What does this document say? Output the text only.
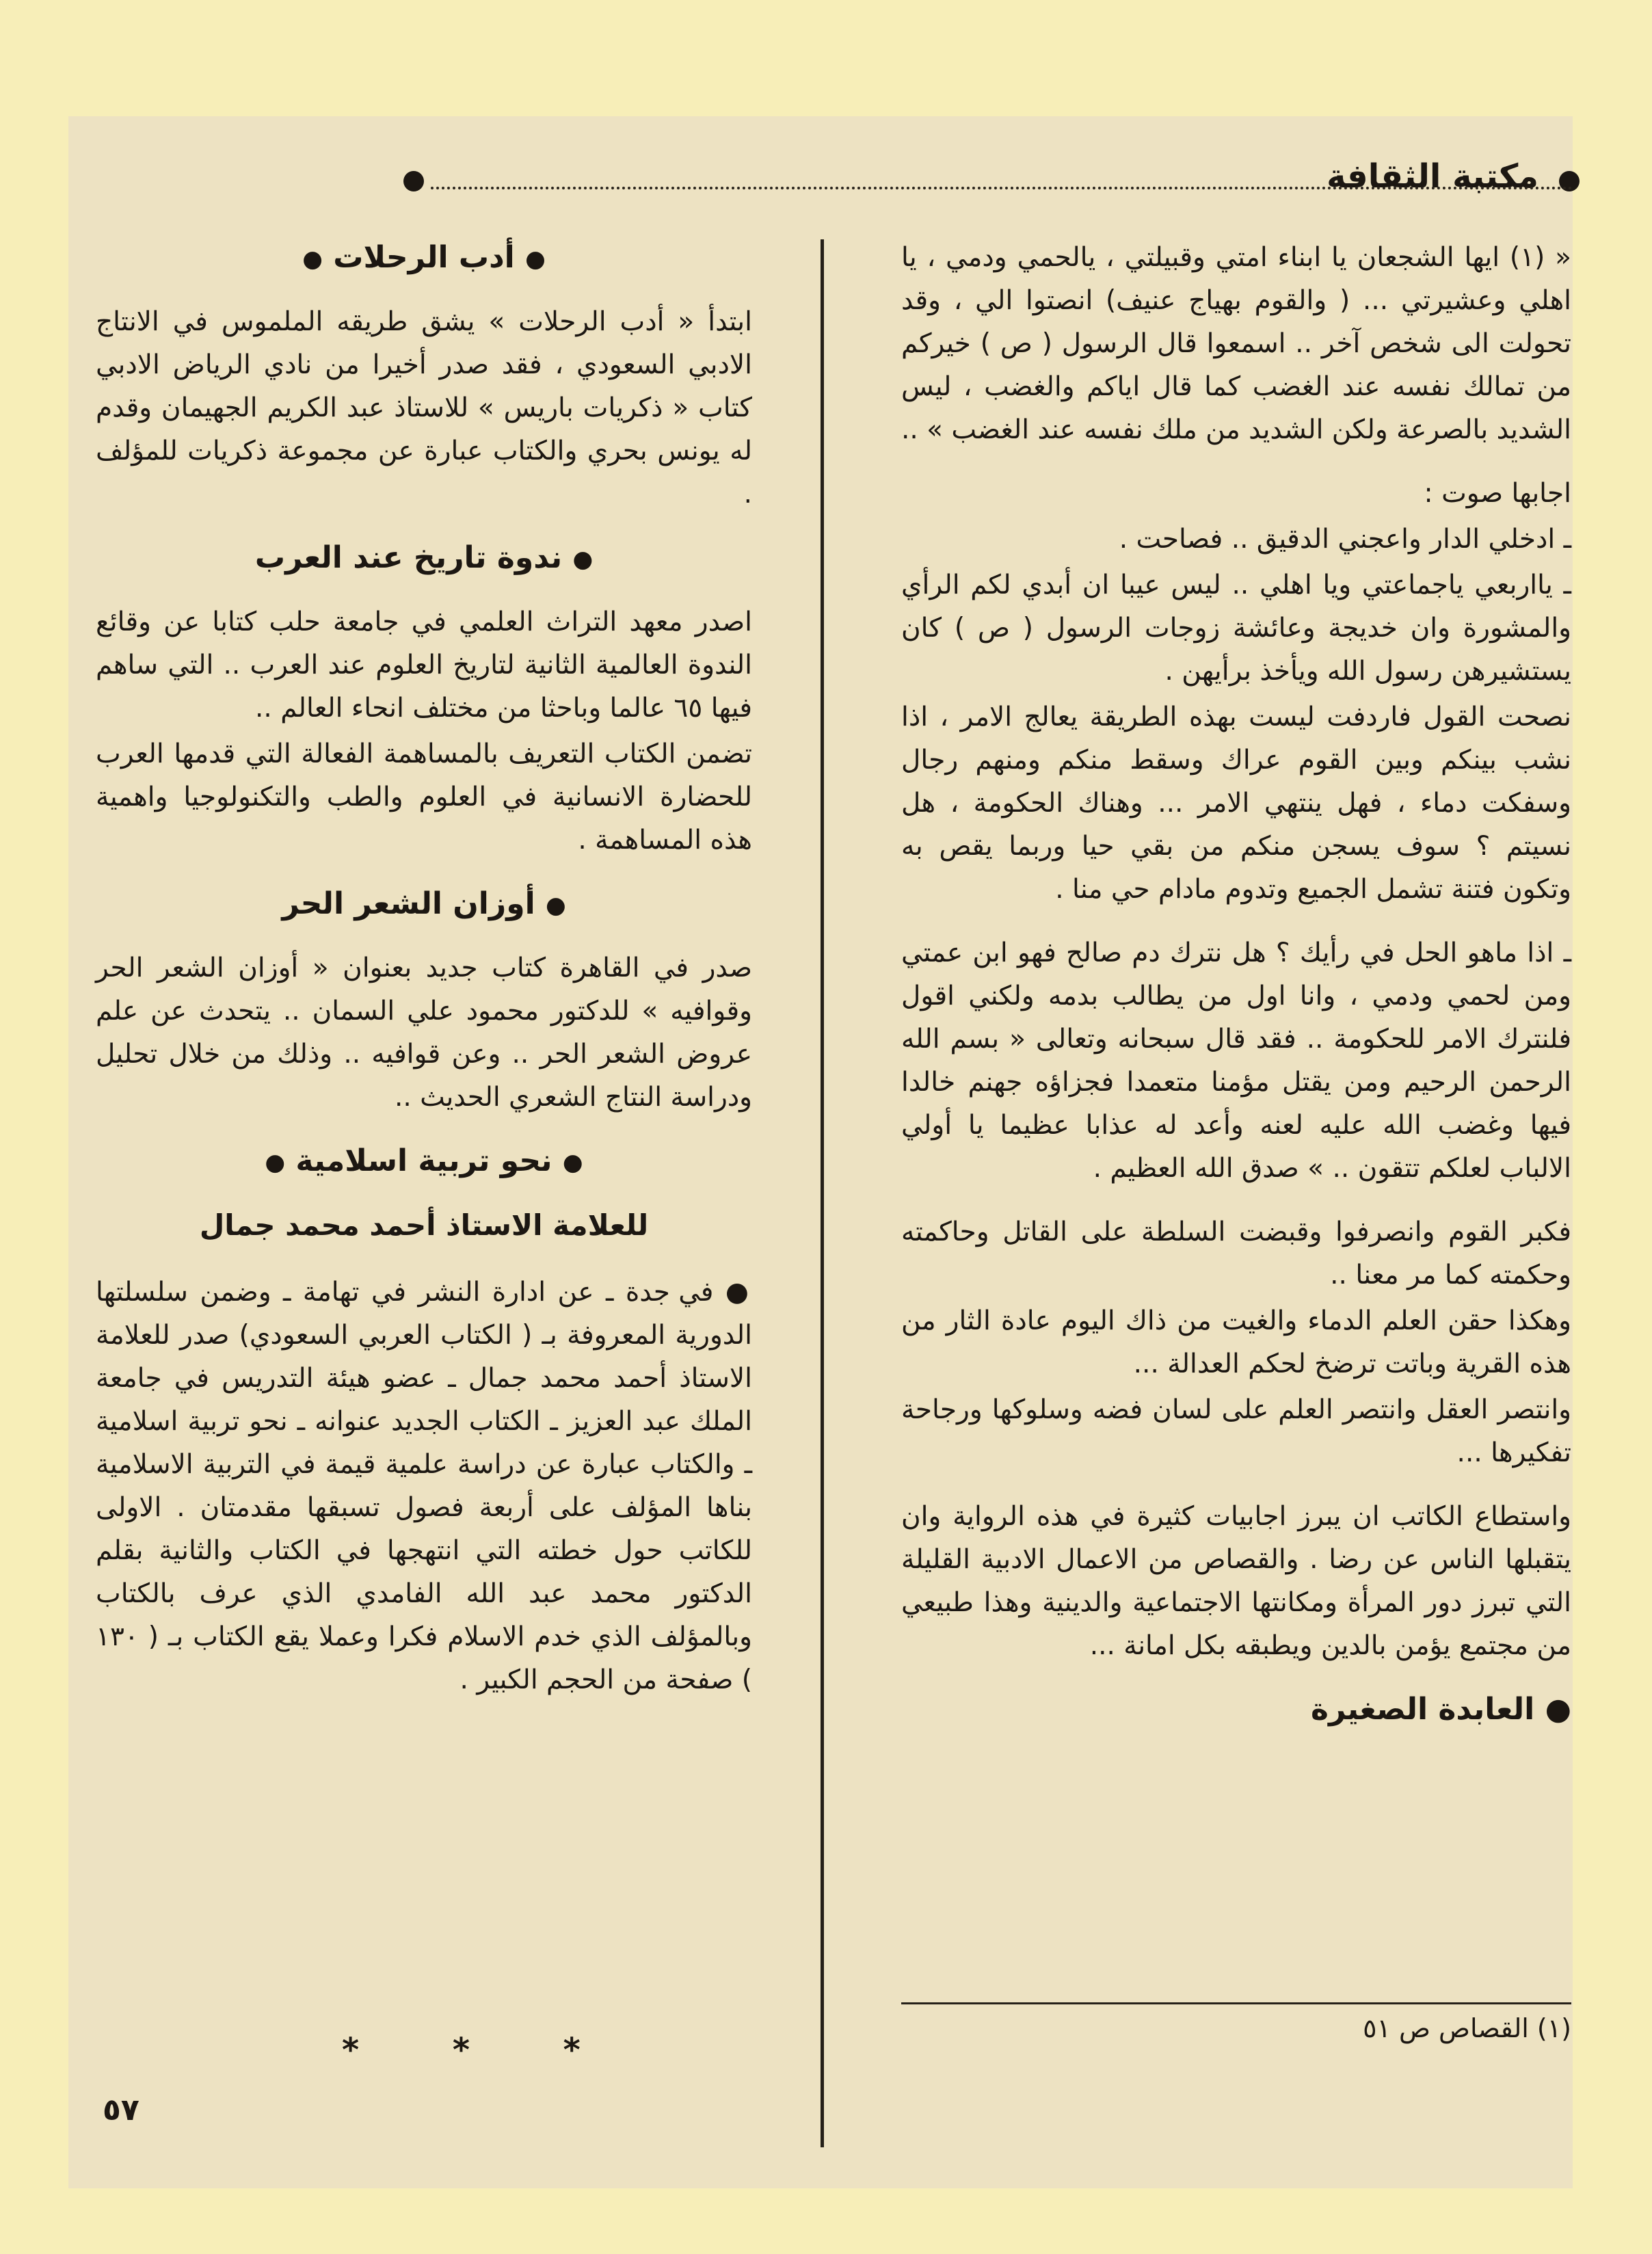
مكتبة الثقافة

« (١) ايها الشجعان يا ابناء امتي وقبيلتي ، يالحمي ودمي ، يا اهلي وعشيرتي ... ( والقوم بهياج عنيف) انصتوا الي ، وقد تحولت الى شخص آخر .. اسمعوا قال الرسول ( ص ) خيركم من تمالك نفسه عند الغضب كما قال اياكم والغضب ، ليس الشديد بالصرعة ولكن الشديد من ملك نفسه عند الغضب » ..

اجابها صوت :

ـ ادخلي الدار واعجني الدقيق .. فصاحت .

ـ يااربعي ياجماعتي ويا اهلي .. ليس عيبا ان أبدي لكم الرأي والمشورة وان خديجة وعائشة زوجات الرسول ( ص ) كان يستشيرهن رسول الله ويأخذ برأيهن .

نصحت القول فاردفت ليست بهذه الطريقة يعالج الامر ، اذا نشب بينكم وبين القوم عراك وسقط منكم ومنهم رجال وسفكت دماء ، فهل ينتهي الامر ... وهناك الحكومة ، هل نسيتم ؟ سوف يسجن منكم من بقي حيا وربما يقص به وتكون فتنة تشمل الجميع وتدوم مادام حي منا .

ـ اذا ماهو الحل في رأيك ؟ هل نترك دم صالح فهو ابن عمتي ومن لحمي ودمي ، وانا اول من يطالب بدمه ولكني اقول فلنترك الامر للحكومة .. فقد قال سبحانه وتعالى « بسم الله الرحمن الرحيم ومن يقتل مؤمنا متعمدا فجزاؤه جهنم خالدا فيها وغضب الله عليه لعنه وأعد له عذابا عظيما يا أولي الالباب لعلكم تتقون .. » صدق الله العظيم .

فكبر القوم وانصرفوا وقبضت السلطة على القاتل وحاكمته وحكمته كما مر معنا ..

وهكذا حقن العلم الدماء والغيت من ذاك اليوم عادة الثار من هذه القرية وباتت ترضخ لحكم العدالة ...

وانتصر العقل وانتصر العلم على لسان فضه وسلوكها ورجاحة تفكيرها ...

واستطاع الكاتب ان يبرز اجابيات كثيرة في هذه الرواية وان يتقبلها الناس عن رضا . والقصاص من الاعمال الادبية القليلة التي تبرز دور المرأة ومكانتها الاجتماعية والدينية وهذا طبيعي من مجتمع يؤمن بالدين ويطبقه بكل امانة ...

● العابدة الصغيرة
● أدب الرحلات ●

ابتدأ « أدب الرحلات » يشق طريقه الملموس في الانتاج الادبي السعودي ، فقد صدر أخيرا من نادي الرياض الادبي كتاب « ذكريات باريس » للاستاذ عبد الكريم الجهيمان وقدم له يونس بحري والكتاب عبارة عن مجموعة ذكريات للمؤلف .

● ندوة تاريخ عند العرب

اصدر معهد التراث العلمي في جامعة حلب كتابا عن وقائع الندوة العالمية الثانية لتاريخ العلوم عند العرب .. التي ساهم فيها ٦٥ عالما وباحثا من مختلف انحاء العالم ..

تضمن الكتاب التعريف بالمساهمة الفعالة التي قدمها العرب للحضارة الانسانية في العلوم والطب والتكنولوجيا واهمية هذه المساهمة .

● أوزان الشعر الحر

صدر في القاهرة كتاب جديد بعنوان « أوزان الشعر الحر وقوافيه » للدكتور محمود علي السمان .. يتحدث عن علم عروض الشعر الحر .. وعن قوافيه .. وذلك من خلال تحليل ودراسة النتاج الشعري الحديث ..

● نحو تربية اسلامية ●
للعلامة الاستاذ أحمد محمد جمال

● في جدة ـ عن ادارة النشر في تهامة ـ وضمن سلسلتها الدورية المعروفة بـ ( الكتاب العربي السعودي) صدر للعلامة الاستاذ أحمد محمد جمال ـ عضو هيئة التدريس في جامعة الملك عبد العزيز ـ الكتاب الجديد عنوانه ـ نحو تربية اسلامية ـ والكتاب عبارة عن دراسة علمية قيمة في التربية الاسلامية بناها المؤلف على أربعة فصول تسبقها مقدمتان . الاولى للكاتب حول خطته التي انتهجها في الكتاب والثانية بقلم الدكتور محمد عبد الله الفامدي الذي عرف بالكتاب وبالمؤلف الذي خدم الاسلام فكرا وعملا يقع الكتاب بـ ( ١٣٠ ) صفحة من الحجم الكبير .

(١) القصاص ص ٥١
* * *
٥٧
